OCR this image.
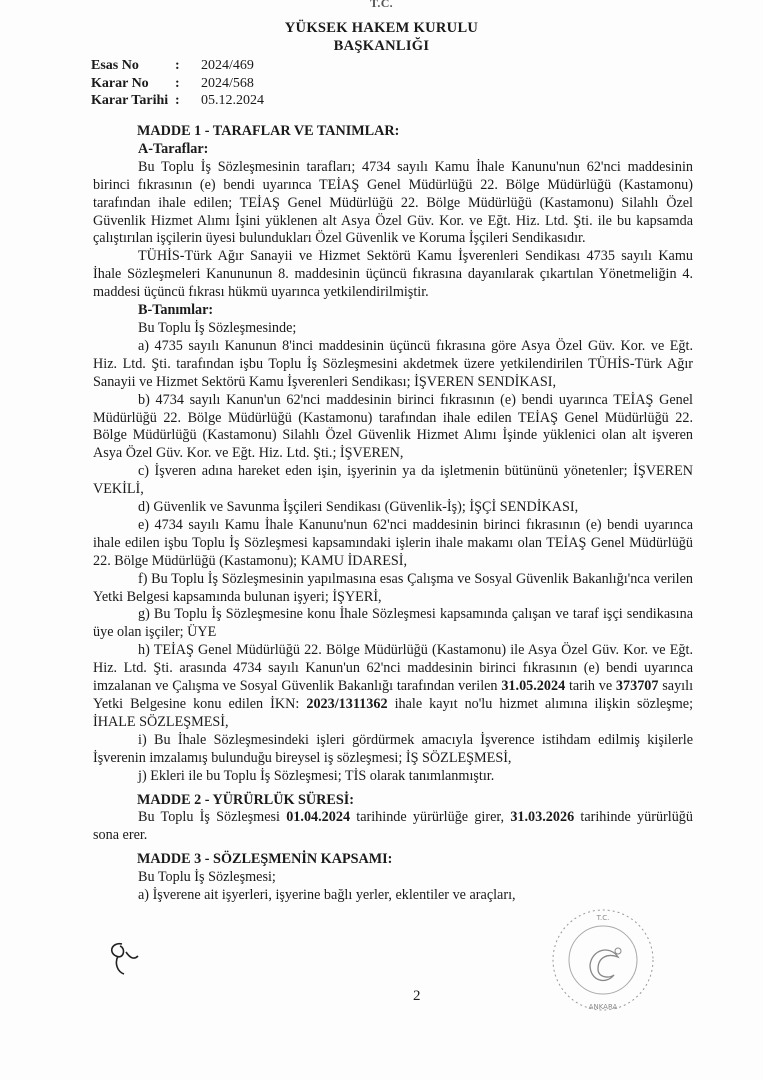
T.C.
YÜKSEK HAKEM KURULU
BAŞKANLIĞI
Esas No	:	2024/469
Karar No	:	2024/568
Karar Tarihi :	05.12.2024
MADDE 1 - TARAFLAR VE TANIMLAR:
A-Taraflar:

Bu Toplu İş Sözleşmesinin tarafları; 4734 sayılı Kamu İhale Kanunu'nun 62'nci maddesinin birinci fıkrasının (e) bendi uyarınca TEİAŞ Genel Müdürlüğü 22. Bölge Müdürlüğü (Kastamonu) tarafından ihale edilen; TEİAŞ Genel Müdürlüğü 22. Bölge Müdürlüğü (Kastamonu) Silahlı Özel Güvenlik Hizmet Alımı İşini yüklenen alt Asya Özel Güv. Kor. ve Eğt. Hiz. Ltd. Şti. ile bu kapsamda çalıştırılan işçilerin üyesi bulundukları Özel Güvenlik ve Koruma İşçileri Sendikasıdır.

TÜHİS-Türk Ağır Sanayii ve Hizmet Sektörü Kamu İşverenleri Sendikası 4735 sayılı Kamu İhale Sözleşmeleri Kanununun 8. maddesinin üçüncü fıkrasına dayanılarak çıkartılan Yönetmeliğin 4. maddesi üçüncü fıkrası hükmü uyarınca yetkilendirilmiştir.

B-Tanımlar:

Bu Toplu İş Sözleşmesinde;

a) 4735 sayılı Kanunun 8'inci maddesinin üçüncü fıkrasına göre Asya Özel Güv. Kor. ve Eğt. Hiz. Ltd. Şti. tarafından işbu Toplu İş Sözleşmesini akdetmek üzere yetkilendirilen TÜHİS-Türk Ağır Sanayii ve Hizmet Sektörü Kamu İşverenleri Sendikası; İŞVEREN SENDİKASI,

b) 4734 sayılı Kanun'un 62'nci maddesinin birinci fıkrasının (e) bendi uyarınca TEİAŞ Genel Müdürlüğü 22. Bölge Müdürlüğü (Kastamonu) tarafından ihale edilen TEİAŞ Genel Müdürlüğü 22. Bölge Müdürlüğü (Kastamonu) Silahlı Özel Güvenlik Hizmet Alımı İşinde yüklenici olan alt işveren Asya Özel Güv. Kor. ve Eğt. Hiz. Ltd. Şti.; İŞVEREN,

c) İşveren adına hareket eden işin, işyerinin ya da işletmenin bütününü yönetenler; İŞVEREN VEKİLİ,

d) Güvenlik ve Savunma İşçileri Sendikası (Güvenlik-İş); İŞÇİ SENDİKASI,

e) 4734 sayılı Kamu İhale Kanunu'nun 62'nci maddesinin birinci fıkrasının (e) bendi uyarınca ihale edilen işbu Toplu İş Sözleşmesi kapsamındaki işlerin ihale makamı olan TEİAŞ Genel Müdürlüğü 22. Bölge Müdürlüğü (Kastamonu); KAMU İDARESİ,

f) Bu Toplu İş Sözleşmesinin yapılmasına esas Çalışma ve Sosyal Güvenlik Bakanlığı'nca verilen Yetki Belgesi kapsamında bulunan işyeri; İŞYERİ,

g) Bu Toplu İş Sözleşmesine konu İhale Sözleşmesi kapsamında çalışan ve taraf işçi sendikasına üye olan işçiler; ÜYE

h) TEİAŞ Genel Müdürlüğü 22. Bölge Müdürlüğü (Kastamonu) ile Asya Özel Güv. Kor. ve Eğt. Hiz. Ltd. Şti. arasında 4734 sayılı Kanun'un 62'nci maddesinin birinci fıkrasının (e) bendi uyarınca imzalanan ve Çalışma ve Sosyal Güvenlik Bakanlığı tarafından verilen 31.05.2024 tarih ve 373707 sayılı Yetki Belgesine konu edilen İKN: 2023/1311362 ihale kayıt no'lu hizmet alımına ilişkin sözleşme; İHALE SÖZLEŞMESİ,

i) Bu İhale Sözleşmesindeki işleri gördürmek amacıyla İşverence istihdam edilmiş kişilerle İşverenin imzalamış bulunduğu bireysel iş sözleşmesi; İŞ SÖZLEŞMESİ,

j) Ekleri ile bu Toplu İş Sözleşmesi; TİS olarak tanımlanmıştır.

MADDE 2 - YÜRÜRLÜK SÜRESİ:

Bu Toplu İş Sözleşmesi 01.04.2024 tarihinde yürürlüğe girer, 31.03.2026 tarihinde yürürlüğü sona erer.

MADDE 3 - SÖZLEŞMENİN KAPSAMI:

Bu Toplu İş Sözleşmesi;

a) İşverene ait işyerleri, işyerine bağlı yerler, eklentiler ve araçları,

T.C.
ANKARA
2
